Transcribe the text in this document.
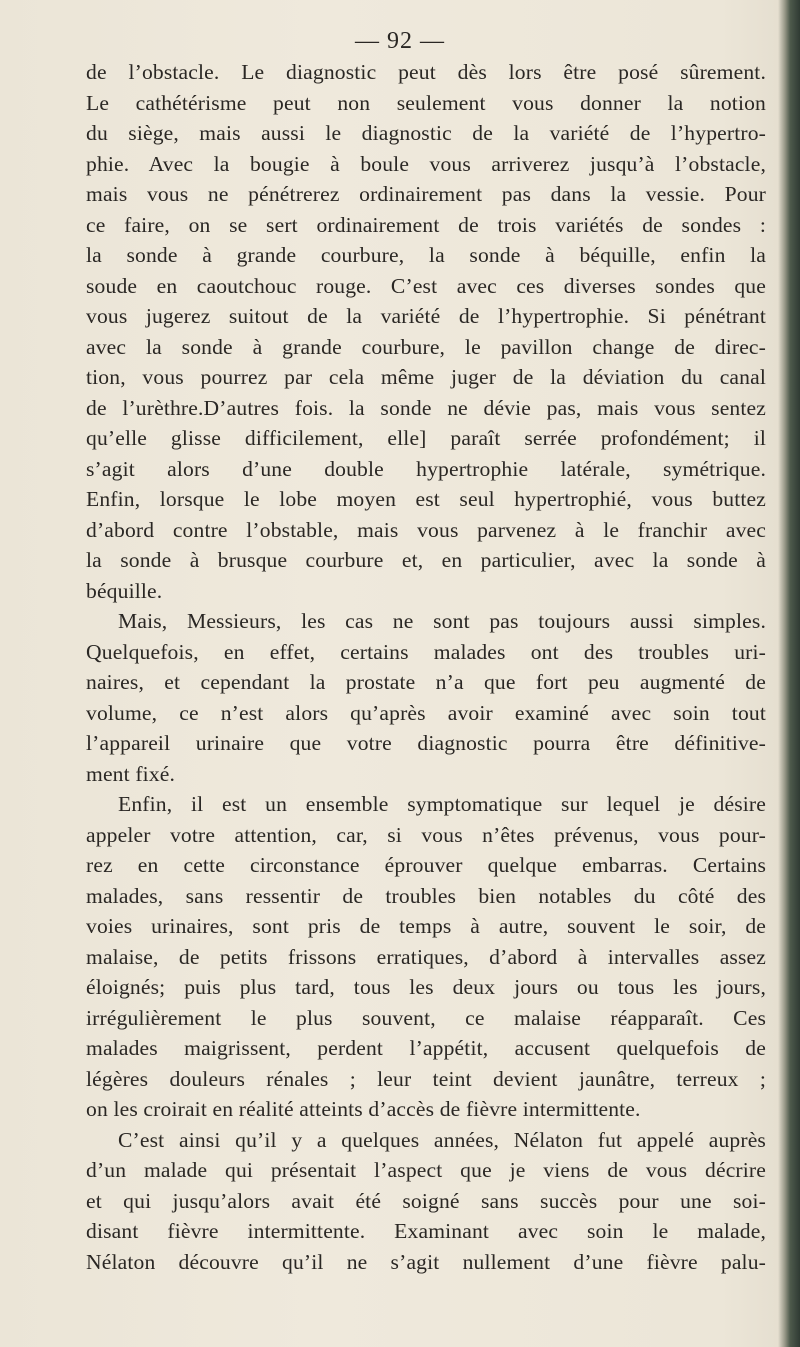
— 92 —
de l’obstacle. Le diagnostic peut dès lors être posé sûrement.
Le cathétérisme peut non seulement vous donner la notion
du siège, mais aussi le diagnostic de la variété de l’hypertro-
phie. Avec la bougie à boule vous arriverez jusqu’à l’obstacle,
mais vous ne pénétrerez ordinairement pas dans la vessie. Pour
ce faire, on se sert ordinairement de trois variétés de sondes :
la sonde à grande courbure, la sonde à béquille, enfin la
soude en caoutchouc rouge. C’est avec ces diverses sondes que
vous jugerez suitout de la variété de l’hypertrophie. Si pénétrant
avec la sonde à grande courbure, le pavillon change de direc-
tion, vous pourrez par cela même juger de la déviation du canal
de l’urèthre.D’autres fois. la sonde ne dévie pas, mais vous sentez
qu’elle glisse difficilement, elle] paraît serrée profondément; il
s’agit alors d’une double hypertrophie latérale, symétrique.
Enfin, lorsque le lobe moyen est seul hypertrophié, vous buttez
d’abord contre l’obstable, mais vous parvenez à le franchir avec
la sonde à brusque courbure et, en particulier, avec la sonde à
béquille.
Mais, Messieurs, les cas ne sont pas toujours aussi simples.
Quelquefois, en effet, certains malades ont des troubles uri-
naires, et cependant la prostate n’a que fort peu augmenté de
volume, ce n’est alors qu’après avoir examiné avec soin tout
l’appareil urinaire que votre diagnostic pourra être définitive-
ment fixé.
Enfin, il est un ensemble symptomatique sur lequel je désire
appeler votre attention, car, si vous n’êtes prévenus, vous pour-
rez en cette circonstance éprouver quelque embarras. Certains
malades, sans ressentir de troubles bien notables du côté des
voies urinaires, sont pris de temps à autre, souvent le soir, de
malaise, de petits frissons erratiques, d’abord à intervalles assez
éloignés; puis plus tard, tous les deux jours ou tous les jours,
irrégulièrement le plus souvent, ce malaise réapparaît. Ces
malades maigrissent, perdent l’appétit, accusent quelquefois de
légères douleurs rénales ; leur teint devient jaunâtre, terreux ;
on les croirait en réalité atteints d’accès de fièvre intermittente.
C’est ainsi qu’il y a quelques années, Nélaton fut appelé auprès
d’un malade qui présentait l’aspect que je viens de vous décrire
et qui jusqu’alors avait été soigné sans succès pour une soi-
disant fièvre intermittente. Examinant avec soin le malade,
Nélaton découvre qu’il ne s’agit nullement d’une fièvre palu-
